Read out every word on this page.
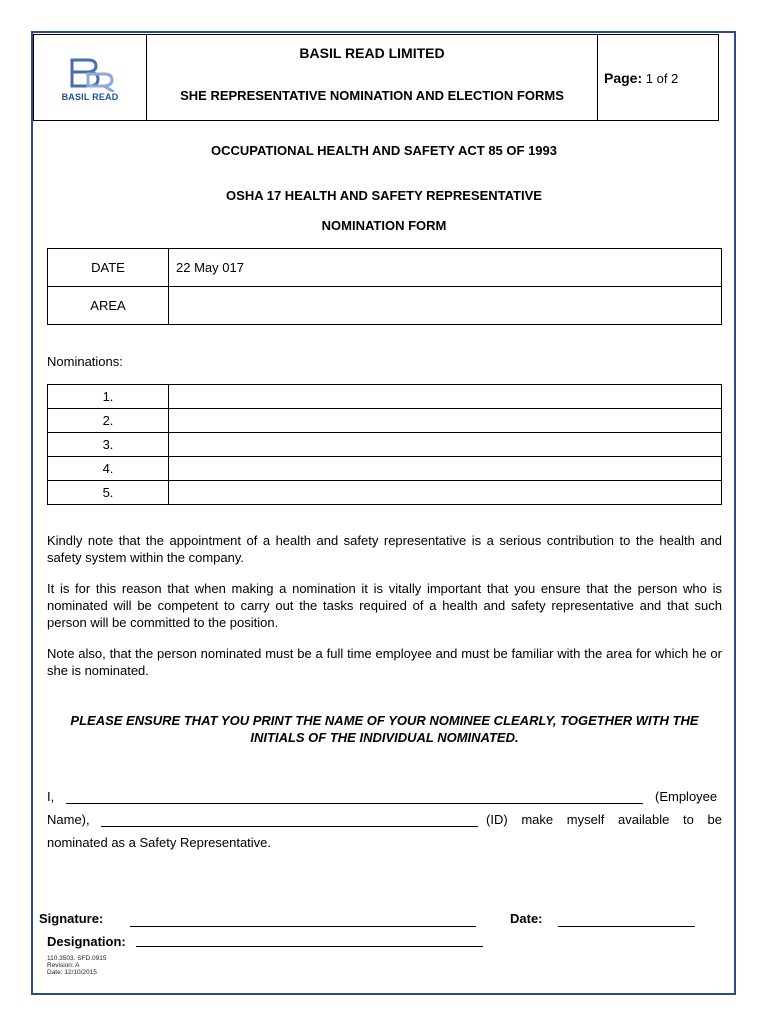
BASIL READ

BASIL READ LIMITED
SHE REPRESENTATIVE NOMINATION AND ELECTION FORMS
	Page: 1 of 2
OCCUPATIONAL HEALTH AND SAFETY ACT 85 OF 1993
OSHA 17 HEALTH AND SAFETY REPRESENTATIVE
NOMINATION FORM
DATE	22 May 017
AREA	
Nominations:
1.	
2.	
3.	
4.	
5.	
Kindly note that the appointment of a health and safety representative is a serious contribution to the health and safety system within the company.
It is for this reason that when making a nomination it is vitally important that you ensure that the person who is nominated will be competent to carry out the tasks required of a health and safety representative and that such person will be committed to the position.
Note also, that the person nominated must be a full time employee and must be familiar with the area for which he or she is nominated.
PLEASE ENSURE THAT YOU PRINT THE NAME OF YOUR NOMINEE CLEARLY, TOGETHER WITH THE INITIALS OF THE INDIVIDUAL NOMINATED.
I,	(Employee
Name),	(ID) make myself available to be
nominated as a Safety Representative.
Signature:	Date:
Designation:
110.3503. SFD.0915
Revision: A
Date: 12/10/2015
